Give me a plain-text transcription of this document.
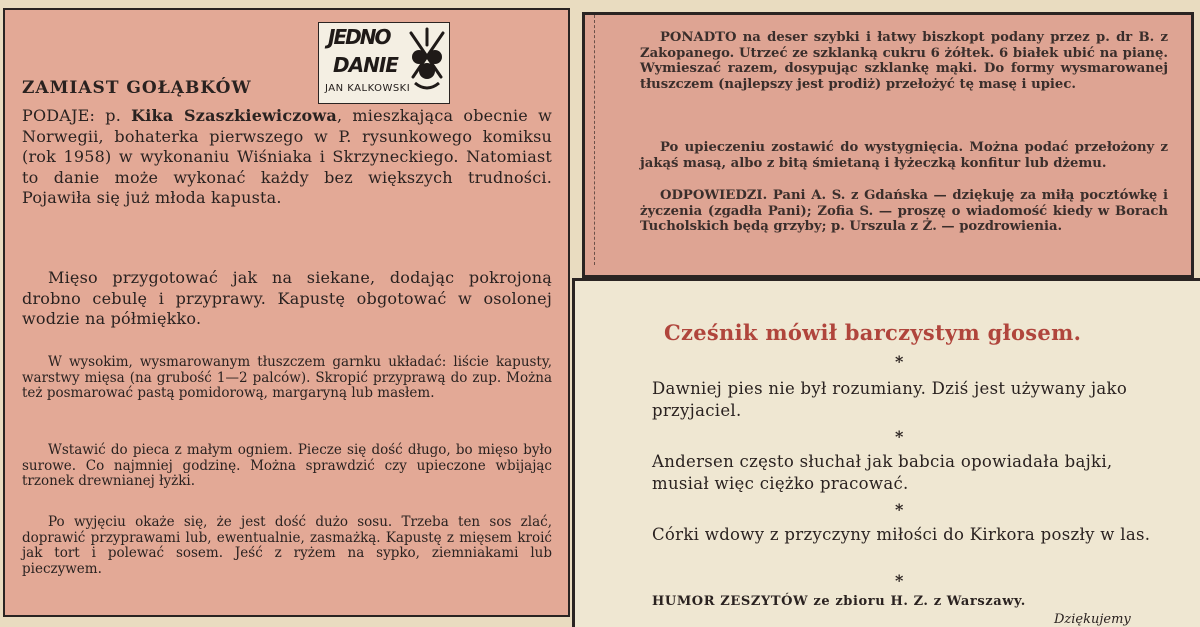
JEDNO
DANIE
JAN KALKOWSKI
ZAMIAST GOŁĄBKÓW

PODAJE: p. Kika Szaszkiewiczowa, mieszkająca obecnie w Norwegii, bohaterka pierwszego w P. rysunkowego komiksu (rok 1958) w wykonaniu Wiśniaka i Skrzyneckiego. Natomiast to danie może wykonać każdy bez większych trudności. Pojawiła się już młoda kapusta.

Mięso przygotować jak na siekane, dodając pokrojoną drobno cebulę i przyprawy. Kapustę obgotować w osolonej wodzie na półmiękko.

W wysokim, wysmarowanym tłuszczem garnku układać: liście kapusty, warstwy mięsa (na grubość 1—2 palców). Skropić przyprawą do zup. Można też posmarować pastą pomidorową, margaryną lub masłem.

Wstawić do pieca z małym ogniem. Piecze się dość długo, bo mięso było surowe. Co najmniej godzinę. Można sprawdzić czy upieczone wbijając trzonek drewnianej łyżki.

Po wyjęciu okaże się, że jest dość dużo sosu. Trzeba ten sos zlać, doprawić przyprawami lub, ewentualnie, zasmażką. Kapustę z mięsem kroić jak tort i polewać sosem. Jeść z ryżem na sypko, ziemniakami lub pieczywem.

PONADTO na deser szybki i łatwy biszkopt podany przez p. dr B. z Zakopanego. Utrzeć ze szklanką cukru 6 żółtek. 6 białek ubić na pianę. Wymieszać razem, dosypując szklankę mąki. Do formy wysmarowanej tłuszczem (najlepszy jest prodiż) przełożyć tę masę i upiec.

Po upieczeniu zostawić do wystygnięcia. Można podać przełożony z jakąś masą, albo z bitą śmietaną i łyżeczką konfitur lub dżemu.

ODPOWIEDZI. Pani A. S. z Gdańska — dziękuję za miłą pocztówkę i życzenia (zgadła Pani); Zofia S. — proszę o wiadomość kiedy w Borach Tucholskich będą grzyby; p. Urszula z Ż. — pozdrowienia.

Cześnik mówił barczystym głosem.
*

Dawniej pies nie był rozumiany. Dziś jest używany jako przyjaciel.

*

Andersen często słuchał jak babcia opowiadała bajki, musiał więc ciężko pracować.

*

Córki wdowy z przyczyny miłości do Kirkora poszły w las.

*
HUMOR ZESZYTÓW ze zbioru H. Z. z Warszawy.
Dziękujemy
